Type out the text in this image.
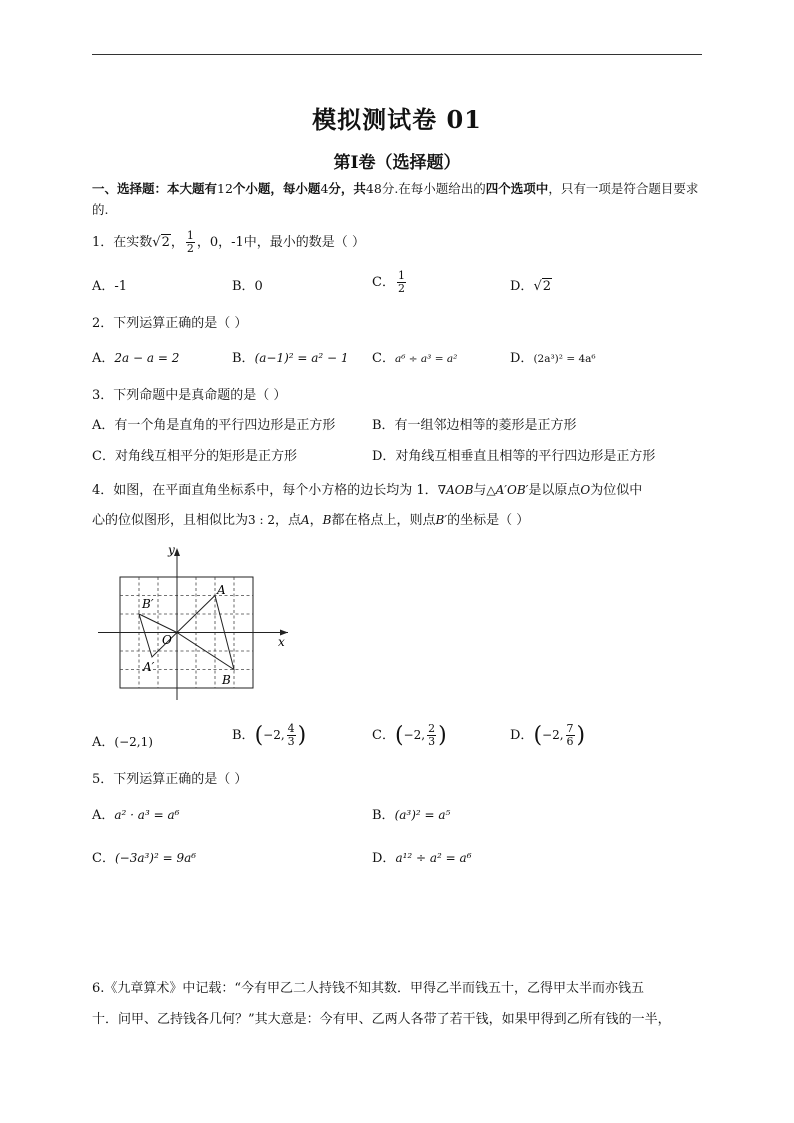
模拟测试卷 01
第Ⅰ卷（选择题）
一、选择题：本大题有12个小题，每小题4分，共48分.在每小题给出的四个选项中，只有一项是符合题目要求的.
1．在实数√2， $\frac{1}{2}$ ，0，-1中，最小的数是（ ）
A．-1	B．0	C． $\frac{1}{2}$	D．√2
2．下列运算正确的是（ ）
A．2a − a = 2	B．(a−1)² = a² − 1 C．a⁶ ÷ a³ = a²	D．(2a³)² = 4a⁶
3．下列命题中是真命题的是（ ）
A．有一个角是直角的平行四边形是正方形	B．有一组邻边相等的菱形是正方形
C．对角线互相平分的矩形是正方形	D．对角线互相垂直且相等的平行四边形是正方形
4．如图，在平面直角坐标系中，每个小方格的边长均为 1．∇AOB与△A′OB′是以原点O为位似中
心的位似图形，且相似比为3 : 2，点A，B都在格点上，则点B′的坐标是（ ）
y
x
O
A
B
A′
B′
A．(−2,1)	B．(−2, $\frac{4}{3}$ )	C．(−2, $\frac{2}{3}$ )	D．(−2, $\frac{7}{6}$ )
5．下列运算正确的是（ ）
A．a² · a³ = a⁶	B．(a³)² = a⁵
C．(−3a³)² = 9a⁶	D．a¹² ÷ a² = a⁶
6.《九章算术》中记载：“今有甲乙二人持钱不知其数．甲得乙半而钱五十，乙得甲太半而亦钱五
十．问甲、乙持钱各几何？”其大意是：今有甲、乙两人各带了若干钱，如果甲得到乙所有钱的一半，
